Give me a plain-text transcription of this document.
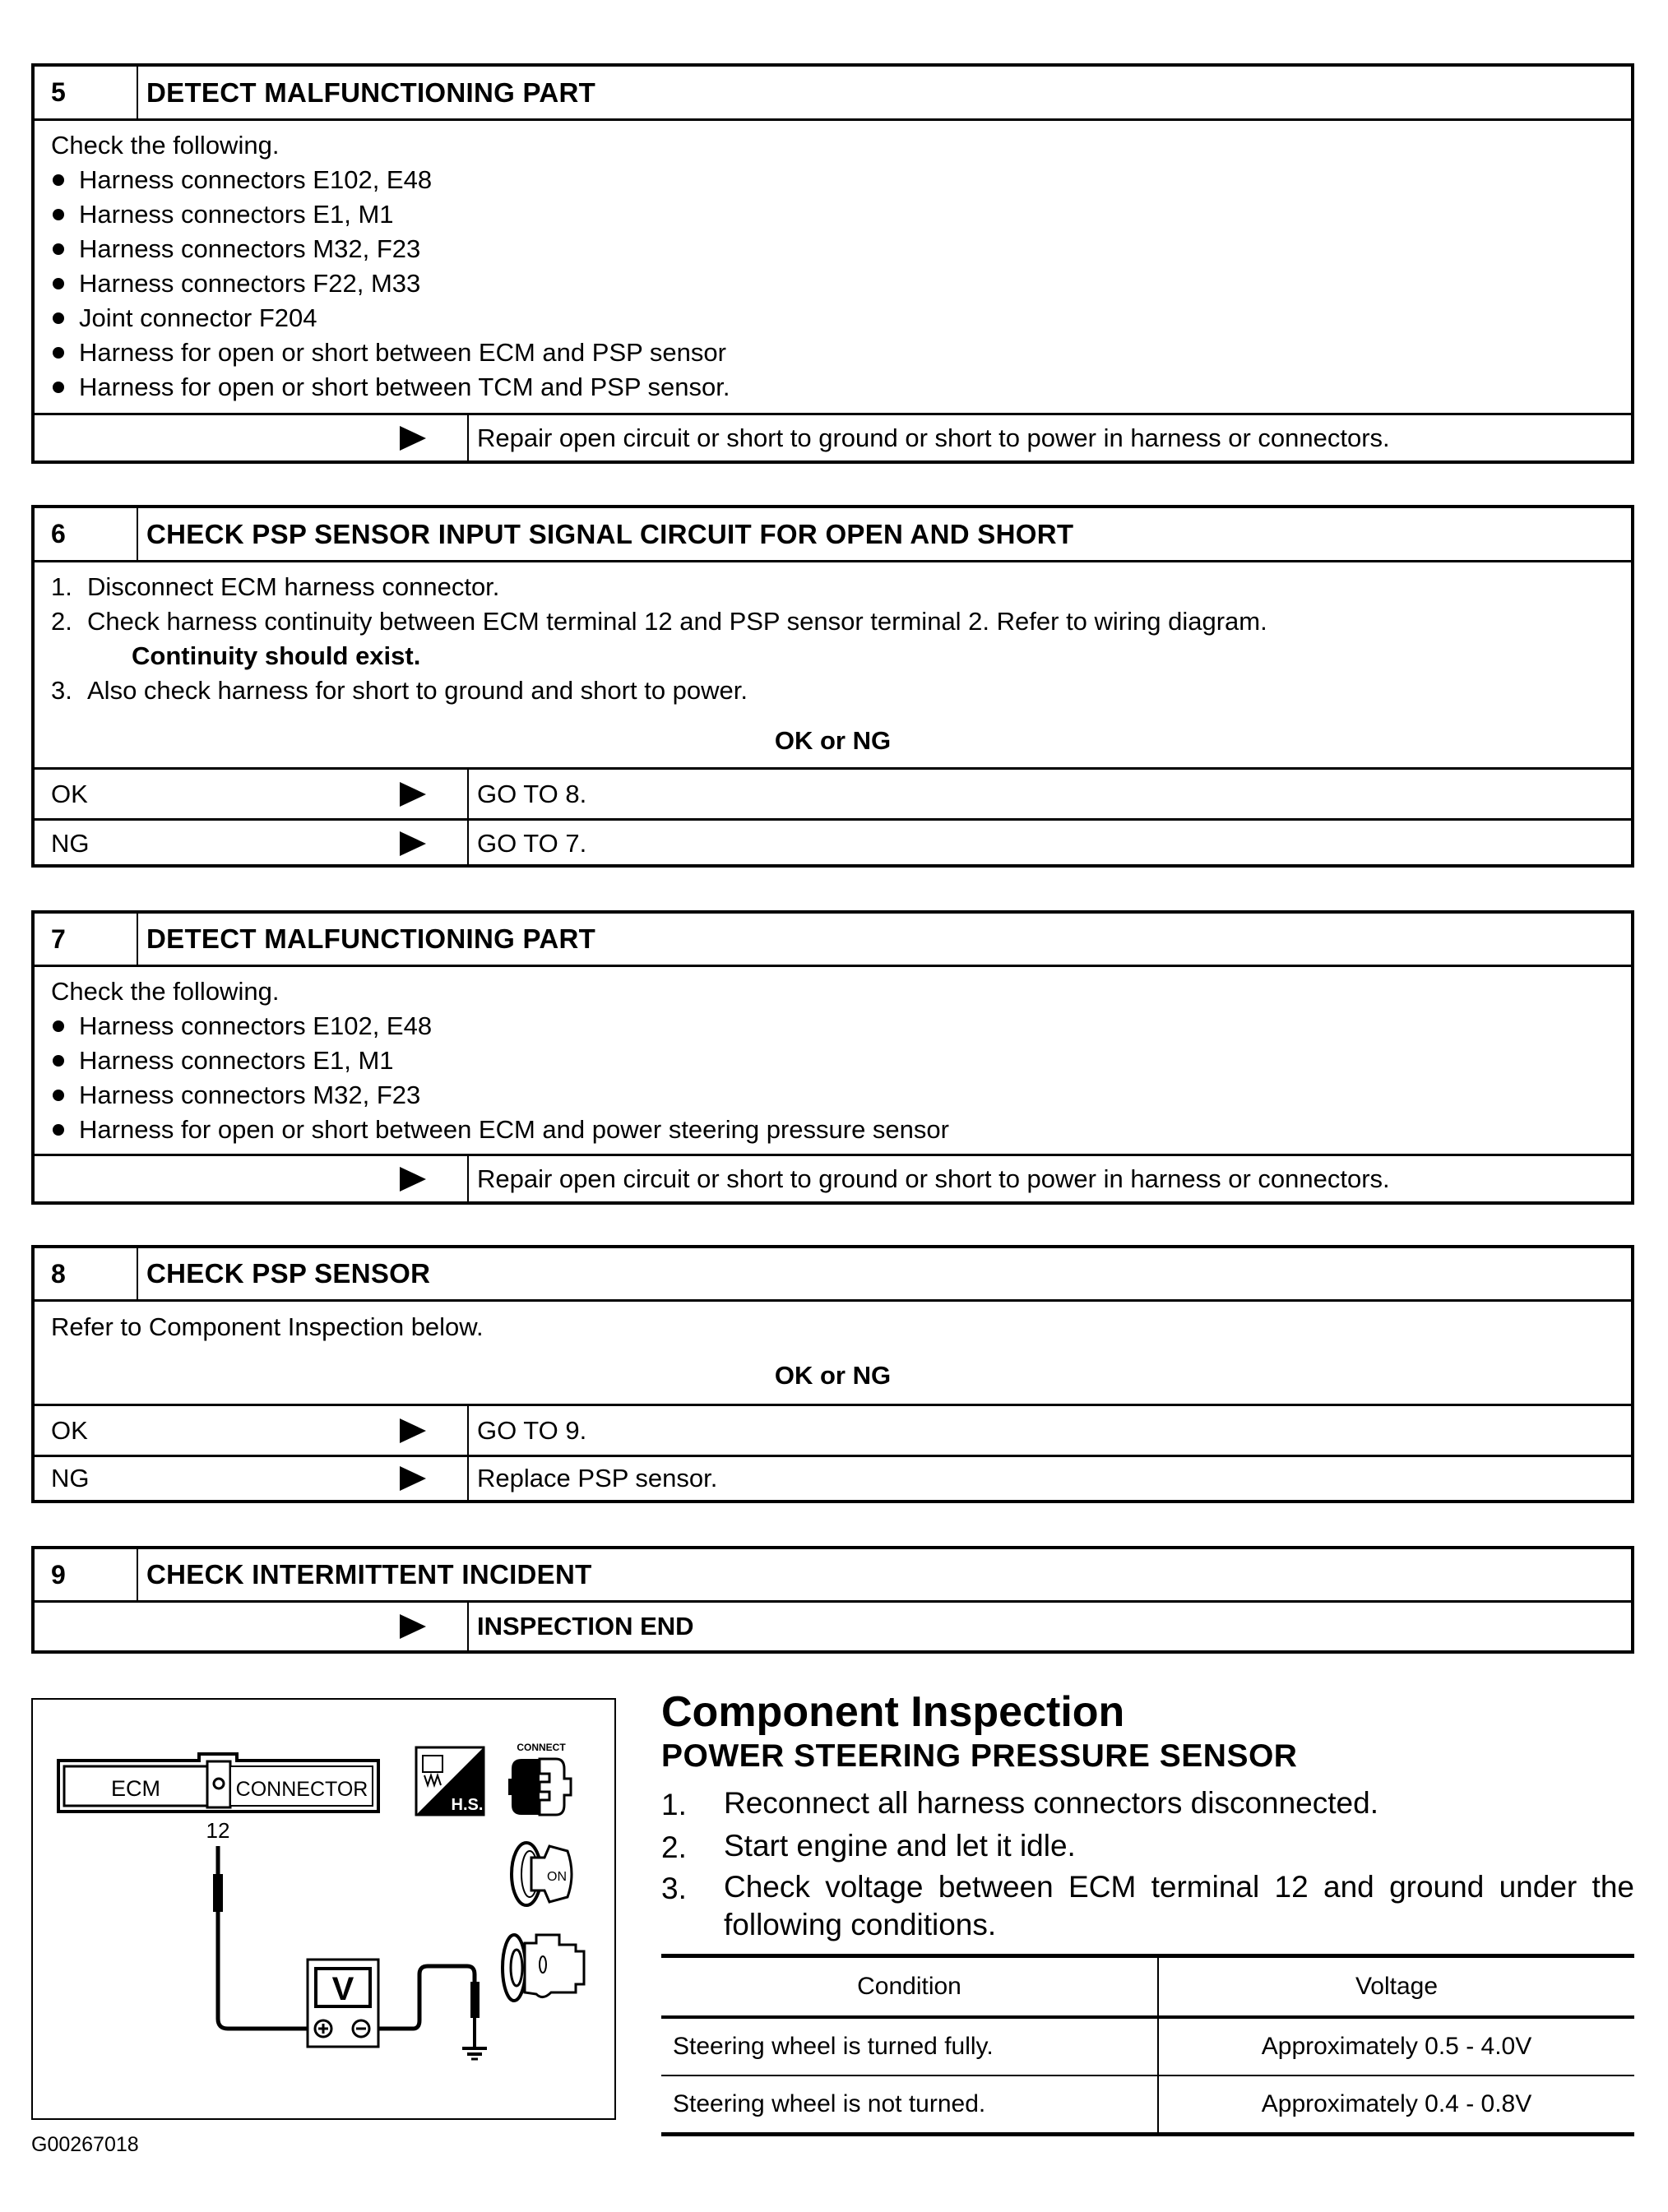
5	DETECT MALFUNCTIONING PART
Check the following.
Harness connectors E102, E48
Harness connectors E1, M1
Harness connectors M32, F23
Harness connectors F22, M33
Joint connector F204
Harness for open or short between ECM and PSP sensor
Harness for open or short between TCM and PSP sensor.
Repair open circuit or short to ground or short to power in harness or connectors.
6	CHECK PSP SENSOR INPUT SIGNAL CIRCUIT FOR OPEN AND SHORT
1. Disconnect ECM harness connector.
2. Check harness continuity between ECM terminal 12 and PSP sensor terminal 2. Refer to wiring diagram.
Continuity should exist.
3. Also check harness for short to ground and short to power.
OK or NG
OK	GO TO 8.
NG	GO TO 7.
7	DETECT MALFUNCTIONING PART
Check the following.
Harness connectors E102, E48
Harness connectors E1, M1
Harness connectors M32, F23
Harness for open or short between ECM and power steering pressure sensor
Repair open circuit or short to ground or short to power in harness or connectors.
8	CHECK PSP SENSOR
Refer to Component Inspection below.
OK or NG
OK	GO TO 9.
NG	Replace PSP sensor.
9	CHECK INTERMITTENT INCIDENT
INSPECTION END
ECM	CONNECTOR
12
V
H.S.
CONNECT
ON
G00267018
Component Inspection
POWER STEERING PRESSURE SENSOR
1.	Reconnect all harness connectors disconnected.
2.	Start engine and let it idle.
3.	Check voltage between ECM terminal 12 and ground under the following conditions.
Condition	Voltage
Steering wheel is turned fully.	Approximately 0.5 - 4.0V
Steering wheel is not turned.	Approximately 0.4 - 0.8V
